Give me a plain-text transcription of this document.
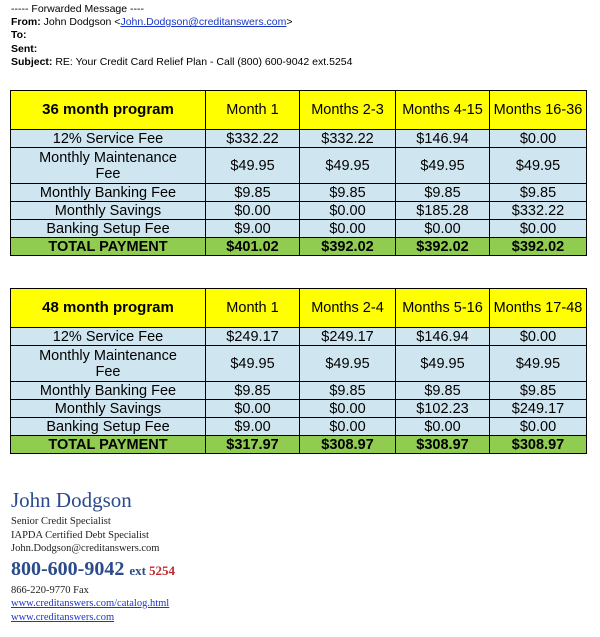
----- Forwarded Message ----
From: John Dodgson <John.Dodgson@creditanswers.com>
To:
Sent:
Subject: RE: Your Credit Card Relief Plan - Call (800) 600-9042 ext.5254
36 month program	Month 1	Months 2-3	Months 4-15	Months 16-36
12% Service Fee	$332.22	$332.22	$146.94	$0.00
Monthly Maintenance Fee	$49.95	$49.95	$49.95	$49.95
Monthly Banking Fee	$9.85	$9.85	$9.85	$9.85
Monthly Savings	$0.00	$0.00	$185.28	$332.22
Banking Setup Fee	$9.00	$0.00	$0.00	$0.00
TOTAL PAYMENT	$401.02	$392.02	$392.02	$392.02
48 month program	Month 1	Months 2-4	Months 5-16	Months 17-48
12% Service Fee	$249.17	$249.17	$146.94	$0.00
Monthly Maintenance Fee	$49.95	$49.95	$49.95	$49.95
Monthly Banking Fee	$9.85	$9.85	$9.85	$9.85
Monthly Savings	$0.00	$0.00	$102.23	$249.17
Banking Setup Fee	$9.00	$0.00	$0.00	$0.00
TOTAL PAYMENT	$317.97	$308.97	$308.97	$308.97
John Dodgson
Senior Credit Specialist
IAPDA Certified Debt Specialist
John.Dodgson@creditanswers.com
800-600-9042 ext 5254
866-220-9770 Fax
www.creditanswers.com/catalog.html
www.creditanswers.com
